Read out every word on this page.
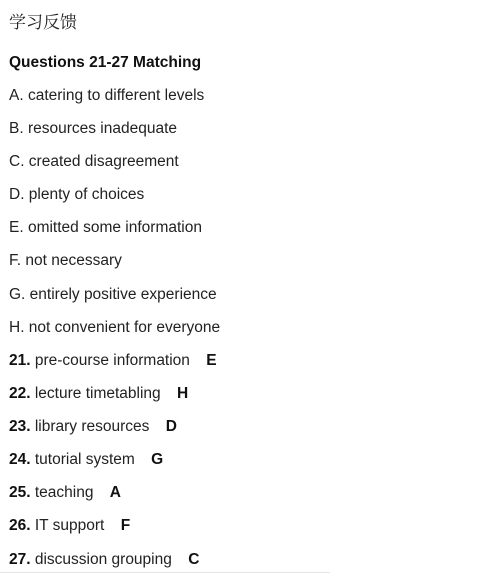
学习反馈
Questions 21-27 Matching
A. catering to different levels
B. resources inadequate
C. created disagreement
D. plenty of choices
E. omitted some information
F. not necessary
G. entirely positive experience
H. not convenient for everyone
21. pre-course information E
22. lecture timetabling H
23. library resources D
24. tutorial system G
25. teaching A
26. IT support F
27. discussion grouping C
